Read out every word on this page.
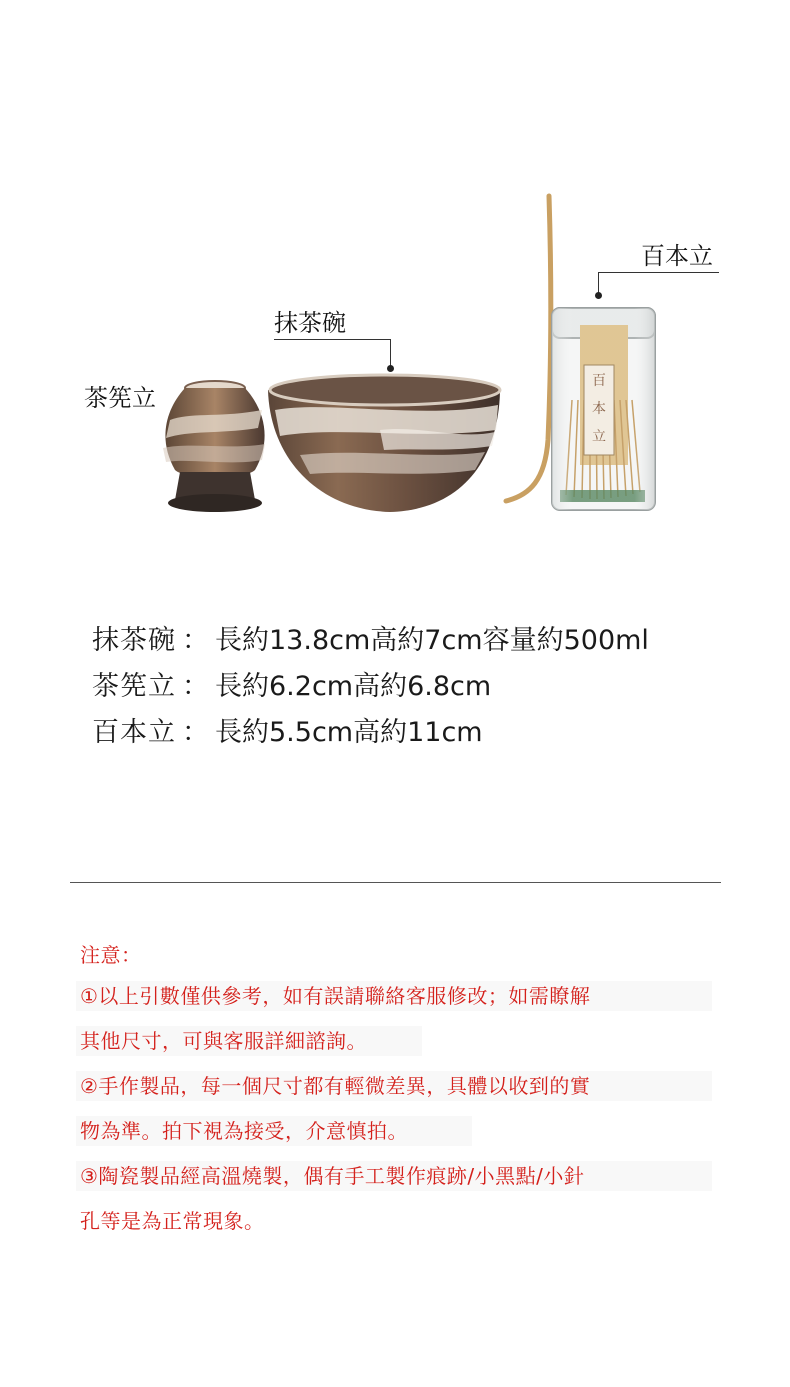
百本立
抹茶碗
茶筅立
抹茶碗 ： 長約13.8cm高約7cm容量約500ml
茶筅立 ： 長約6.2cm高約6.8cm
百本立 ： 長約5.5cm高約11cm
注意：
①以上引數僅供參考，如有誤請聯絡客服修改；如需瞭解
其他尺寸，可與客服詳細諮詢。
②手作製品，每一個尺寸都有輕微差異，具體以收到的實
物為準。拍下視為接受，介意慎拍。
③陶瓷製品經高溫燒製，偶有手工製作痕跡/小黑點/小針
孔等是為正常現象。
